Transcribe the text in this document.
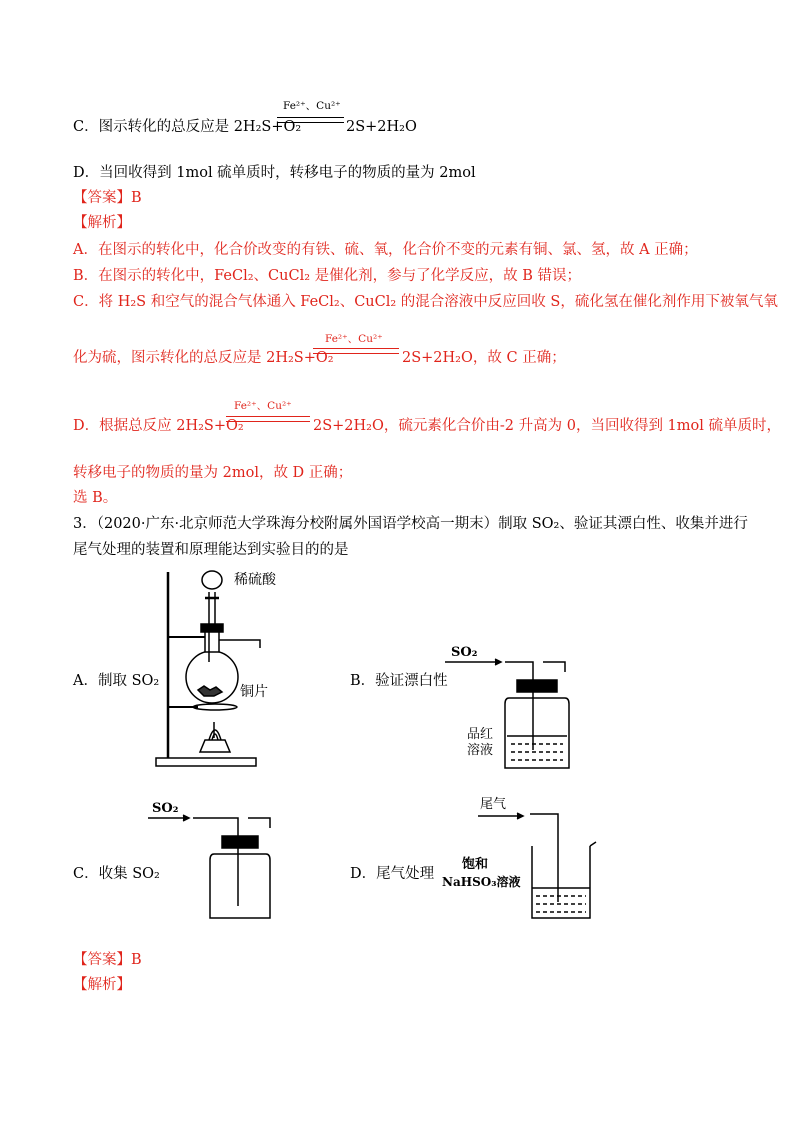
C．图示转化的总反应是 2H₂S+O₂
Fe²⁺、Cu²⁺
2S+2H₂O
D．当回收得到 1mol 硫单质时，转移电子的物质的量为 2mol
【答案】B
【解析】
A．在图示的转化中，化合价改变的有铁、硫、氧，化合价不变的元素有铜、氯、氢，故 A 正确；
B．在图示的转化中，FeCl₂、CuCl₂ 是催化剂，参与了化学反应，故 B 错误；
C．将 H₂S 和空气的混合气体通入 FeCl₂、CuCl₂ 的混合溶液中反应回收 S，硫化氢在催化剂作用下被氧气氧
化为硫，图示转化的总反应是 2H₂S+O₂
Fe²⁺、Cu²⁺
2S+2H₂O，故 C 正确；
D．根据总反应 2H₂S+O₂
Fe²⁺、Cu²⁺
2S+2H₂O，硫元素化合价由-2 升高为 0，当回收得到 1mol 硫单质时，
转移电子的物质的量为 2mol，故 D 正确；
选 B。
3．（2020·广东·北京师范大学珠海分校附属外国语学校高一期末）制取 SO₂、验证其漂白性、收集并进行
尾气处理的装置和原理能达到实验目的的是
A．制取 SO₂	B．验证漂白性
C．收集 SO₂	D．尾气处理
稀硫酸
铜片
SO₂
品红
溶液
SO₂	尾气
饱和
NaHSO₃溶液
【答案】B
【解析】
